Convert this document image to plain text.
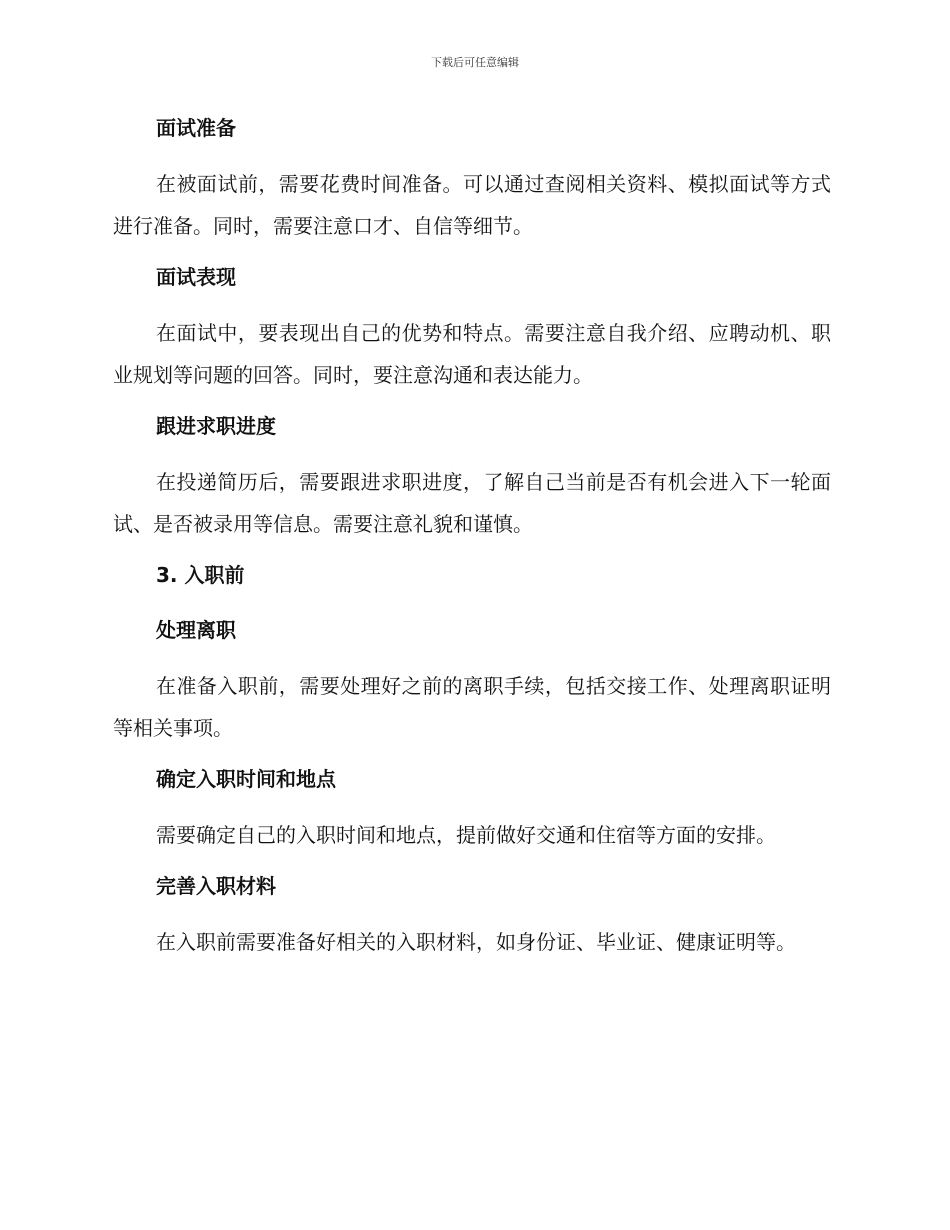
下载后可任意编辑
面试准备

在被面试前，需要花费时间准备。可以通过查阅相关资料、模拟面试等方式进行准备。同时，需要注意口才、自信等细节。

面试表现

在面试中，要表现出自己的优势和特点。需要注意自我介绍、应聘动机、职业规划等问题的回答。同时，要注意沟通和表达能力。

跟进求职进度

在投递简历后，需要跟进求职进度，了解自己当前是否有机会进入下一轮面试、是否被录用等信息。需要注意礼貌和谨慎。

3. 入职前
处理离职

在准备入职前，需要处理好之前的离职手续，包括交接工作、处理离职证明等相关事项。

确定入职时间和地点

需要确定自己的入职时间和地点，提前做好交通和住宿等方面的安排。

完善入职材料

在入职前需要准备好相关的入职材料，如身份证、毕业证、健康证明等。
